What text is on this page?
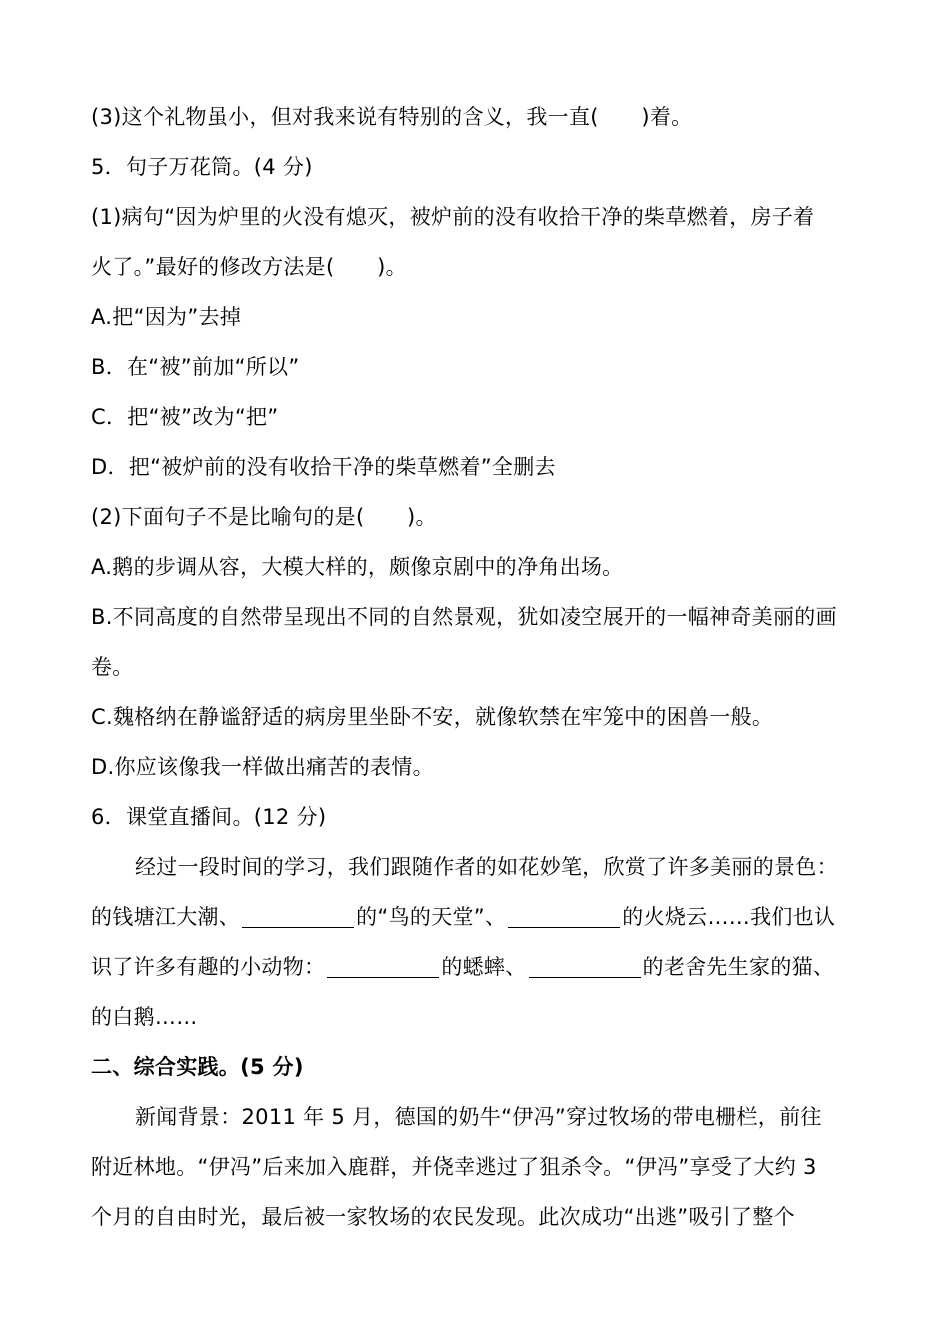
(3)这个礼物虽小，但对我来说有特别的含义，我一直(　　)着。
5．句子万花筒。(4 分)
(1)病句“因为炉里的火没有熄灭，被炉前的没有收拾干净的柴草燃着，房子着
火了。”最好的修改方法是(　　)。
A.把“因为”去掉
B．在“被”前加“所以”
C．把“被”改为“把”
D．把“被炉前的没有收拾干净的柴草燃着”全删去
(2)下面句子不是比喻句的是(　　)。
A.鹅的步调从容，大模大样的，颇像京剧中的净角出场。
B.不同高度的自然带呈现出不同的自然景观，犹如凌空展开的一幅神奇美丽的画
卷。
C.魏格纳在静谧舒适的病房里坐卧不安，就像软禁在牢笼中的困兽一般。
D.你应该像我一样做出痛苦的表情。
6．课堂直播间。(12 分)
经过一段时间的学习，我们跟随作者的如花妙笔，欣赏了许多美丽的景色：
的钱塘江大潮、	的“鸟的天堂”、	的火烧云……我们也认
识了许多有趣的小动物：	的蟋蟀、	的老舍先生家的猫、
的白鹅……
二、综合实践。(5 分)
新闻背景：2011 年 5 月，德国的奶牛“伊冯”穿过牧场的带电栅栏，前往
附近林地。“伊冯”后来加入鹿群，并侥幸逃过了狙杀令。“伊冯”享受了大约 3
个月的自由时光，最后被一家牧场的农民发现。此次成功“出逃”吸引了整个
